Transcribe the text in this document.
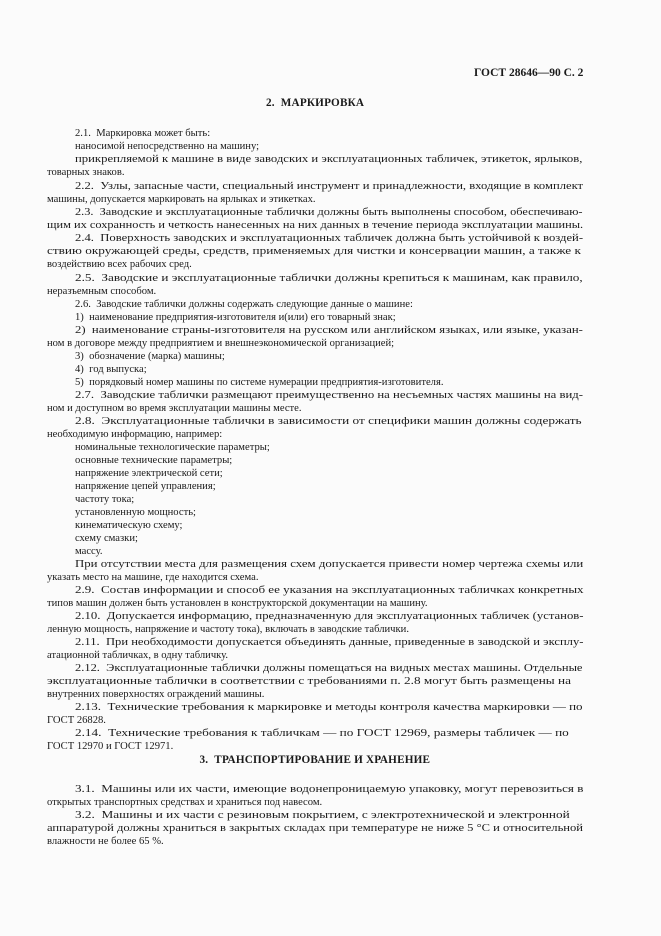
ГОСТ 28646—90 С. 2
2.  МАРКИРОВКА
3.  ТРАНСПОРТИРОВАНИЕ И ХРАНЕНИЕ
2.1.  Маркировка может быть:
наносимой непосредственно на машину;
прикрепляемой к машине в виде заводских и эксплуатационных табличек, этикеток, ярлыков,
товарных знаков.
2.2.  Узлы, запасные части, специальный инструмент и принадлежности, входящие в комплект
машины, допускается маркировать на ярлыках и этикетках.
2.3.  Заводские и эксплуатационные таблички должны быть выполнены способом, обеспечиваю-
щим их сохранность и четкость нанесенных на них данных в течение периода эксплуатации машины.
2.4.  Поверхность заводских и эксплуатационных табличек должна быть устойчивой к воздей-
ствию окружающей среды, средств, применяемых для чистки и консервации машин, а также к
воздействию всех рабочих сред.
2.5.  Заводские и эксплуатационные таблички должны крепиться к машинам, как правило,
неразъемным способом.
2.6.  Заводские таблички должны содержать следующие данные о машине:
1)  наименование предприятия-изготовителя и(или) его товарный знак;
2)  наименование страны-изготовителя на русском или английском языках, или языке, указан-
ном в договоре между предприятием и внешнеэкономической организацией;
3)  обозначение (марка) машины;
4)  год выпуска;
5)  порядковый номер машины по системе нумерации предприятия-изготовителя.
2.7.  Заводские таблички размещают преимущественно на несъемных частях машины на вид-
ном и доступном во время эксплуатации машины месте.
2.8.  Эксплуатационные таблички в зависимости от специфики машин должны содержать
необходимую информацию, например:
номинальные технологические параметры;
основные технические параметры;
напряжение электрической сети;
напряжение цепей управления;
частоту тока;
установленную мощность;
кинематическую схему;
схему смазки;
массу.
При отсутствии места для размещения схем допускается привести номер чертежа схемы или
указать место на машине, где находится схема.
2.9.  Состав информации и способ ее указания на эксплуатационных табличках конкретных
типов машин должен быть установлен в конструкторской документации на машину.
2.10.  Допускается информацию, предназначенную для эксплуатационных табличек (установ-
ленную мощность, напряжение и частоту тока), включать в заводские таблички.
2.11.  При необходимости допускается объединять данные, приведенные в заводской и эксплу-
атационной табличках, в одну табличку.
2.12.  Эксплуатационные таблички должны помещаться на видных местах машины. Отдельные
эксплуатационные таблички в соответствии с требованиями п. 2.8 могут быть размещены на
внутренних поверхностях ограждений машины.
2.13.  Технические требования к маркировке и методы контроля качества маркировки — по
ГОСТ 26828.
2.14.  Технические требования к табличкам — по ГОСТ 12969, размеры табличек — по
ГОСТ 12970 и ГОСТ 12971.
3.1.  Машины или их части, имеющие водонепроницаемую упаковку, могут перевозиться в
открытых транспортных средствах и храниться под навесом.
3.2.  Машины и их части с резиновым покрытием, с электротехнической и электронной
аппаратурой должны храниться в закрытых складах при температуре не ниже 5 °С и относительной
влажности не более 65 %.
